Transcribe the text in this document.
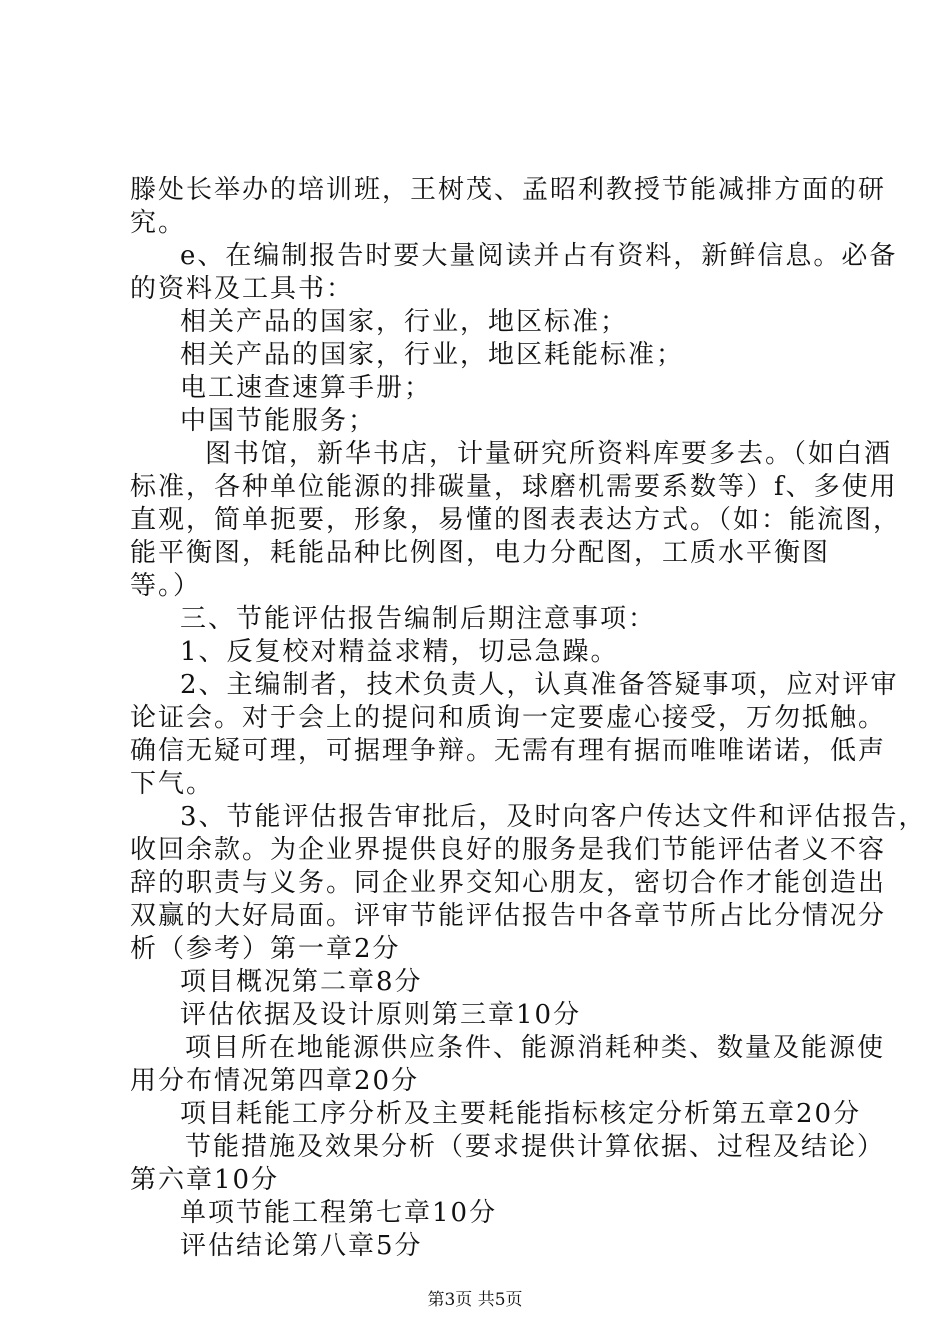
滕处长举办的培训班，王树茂、孟昭利教授节能减排方面的研
究。
e、在编制报告时要大量阅读并占有资料，新鲜信息。必备
的资料及工具书：
相关产品的国家，行业，地区标准；
相关产品的国家，行业，地区耗能标准；
电工速查速算手册；
中国节能服务；
图书馆，新华书店，计量研究所资料库要多去。（如白酒
标准，各种单位能源的排碳量，球磨机需要系数等）f、多使用
直观，简单扼要，形象，易懂的图表表达方式。（如：能流图，
能平衡图，耗能品种比例图，电力分配图，工质水平衡图
等。）
三、节能评估报告编制后期注意事项：
1、反复校对精益求精，切忌急躁。
2、主编制者，技术负责人，认真准备答疑事项，应对评审
论证会。对于会上的提问和质询一定要虚心接受，万勿抵触。
确信无疑可理，可据理争辩。无需有理有据而唯唯诺诺，低声
下气。
3、节能评估报告审批后，及时向客户传达文件和评估报告，
收回余款。为企业界提供良好的服务是我们节能评估者义不容
辞的职责与义务。同企业界交知心朋友，密切合作才能创造出
双赢的大好局面。评审节能评估报告中各章节所占比分情况分
析（参考）第一章2分
项目概况第二章8分
评估依据及设计原则第三章10分
项目所在地能源供应条件、能源消耗种类、数量及能源使
用分布情况第四章20分
项目耗能工序分析及主要耗能指标核定分析第五章20分
节能措施及效果分析（要求提供计算依据、过程及结论）
第六章10分
单项节能工程第七章10分
评估结论第八章5分
第3页 共5页
